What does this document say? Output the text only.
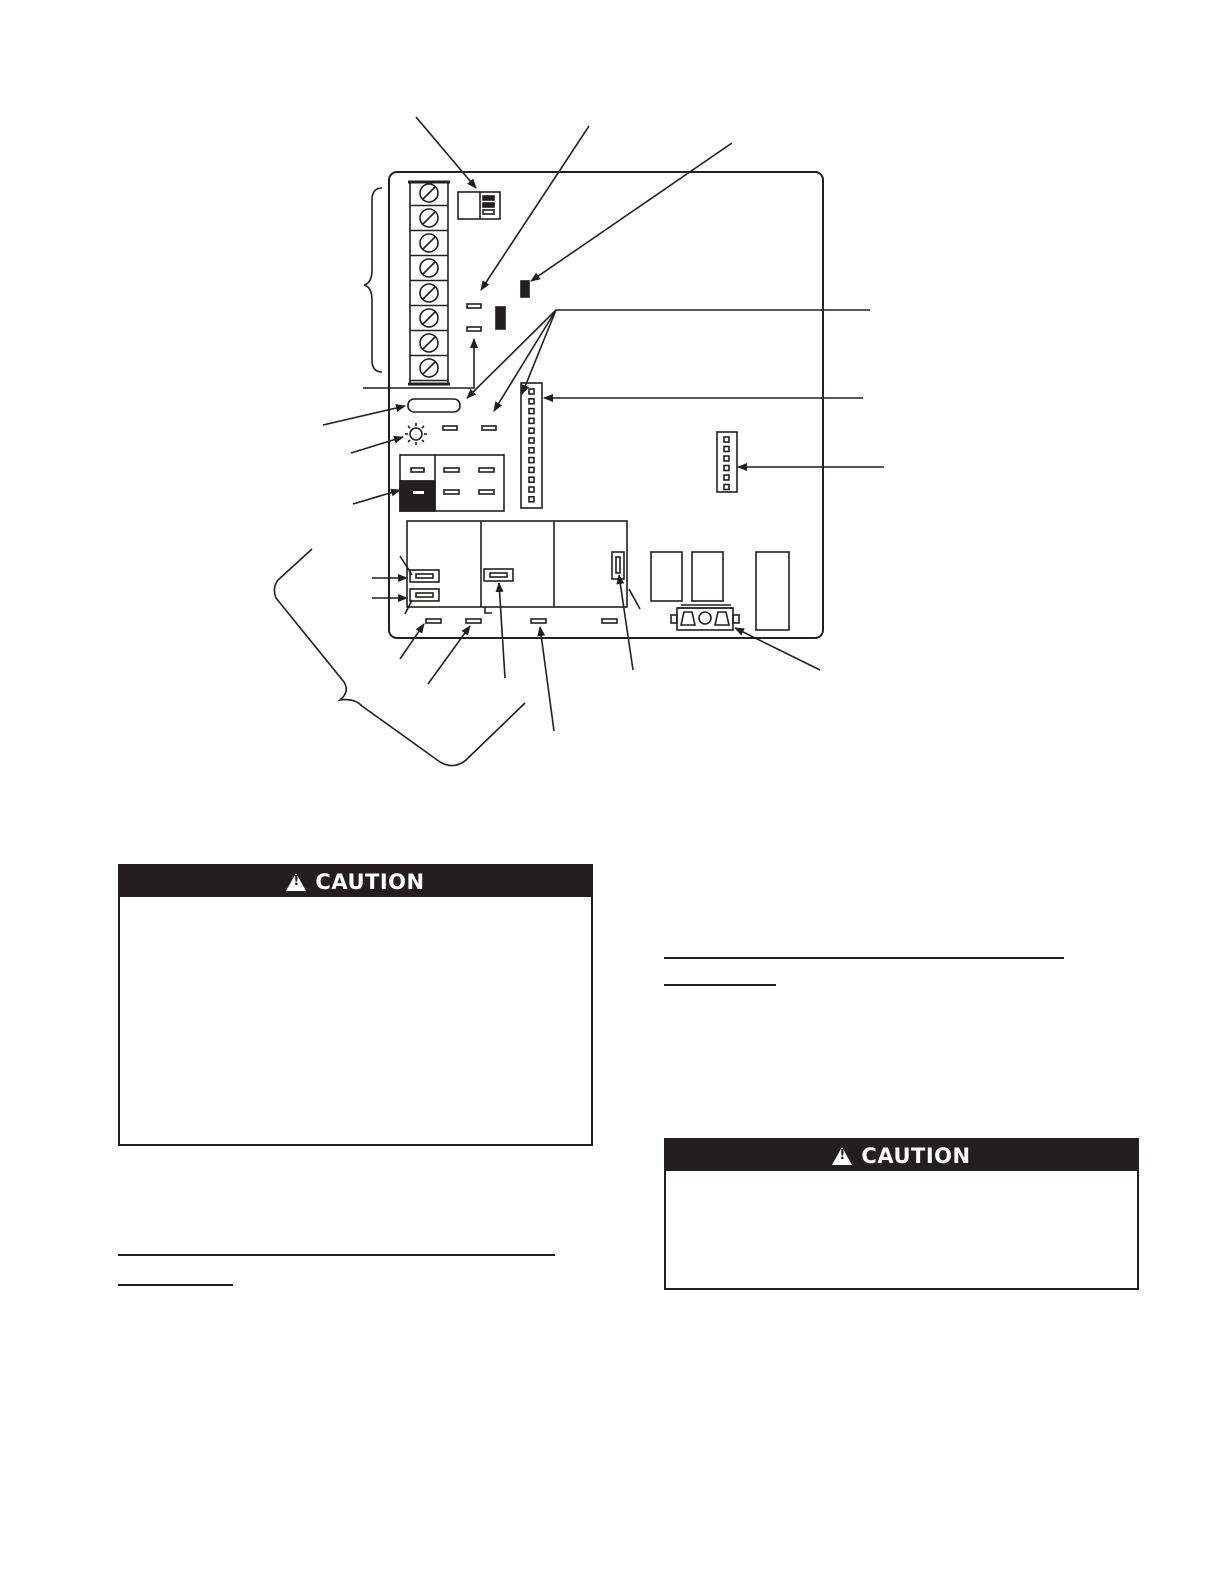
!
CAUTION
!
CAUTION
